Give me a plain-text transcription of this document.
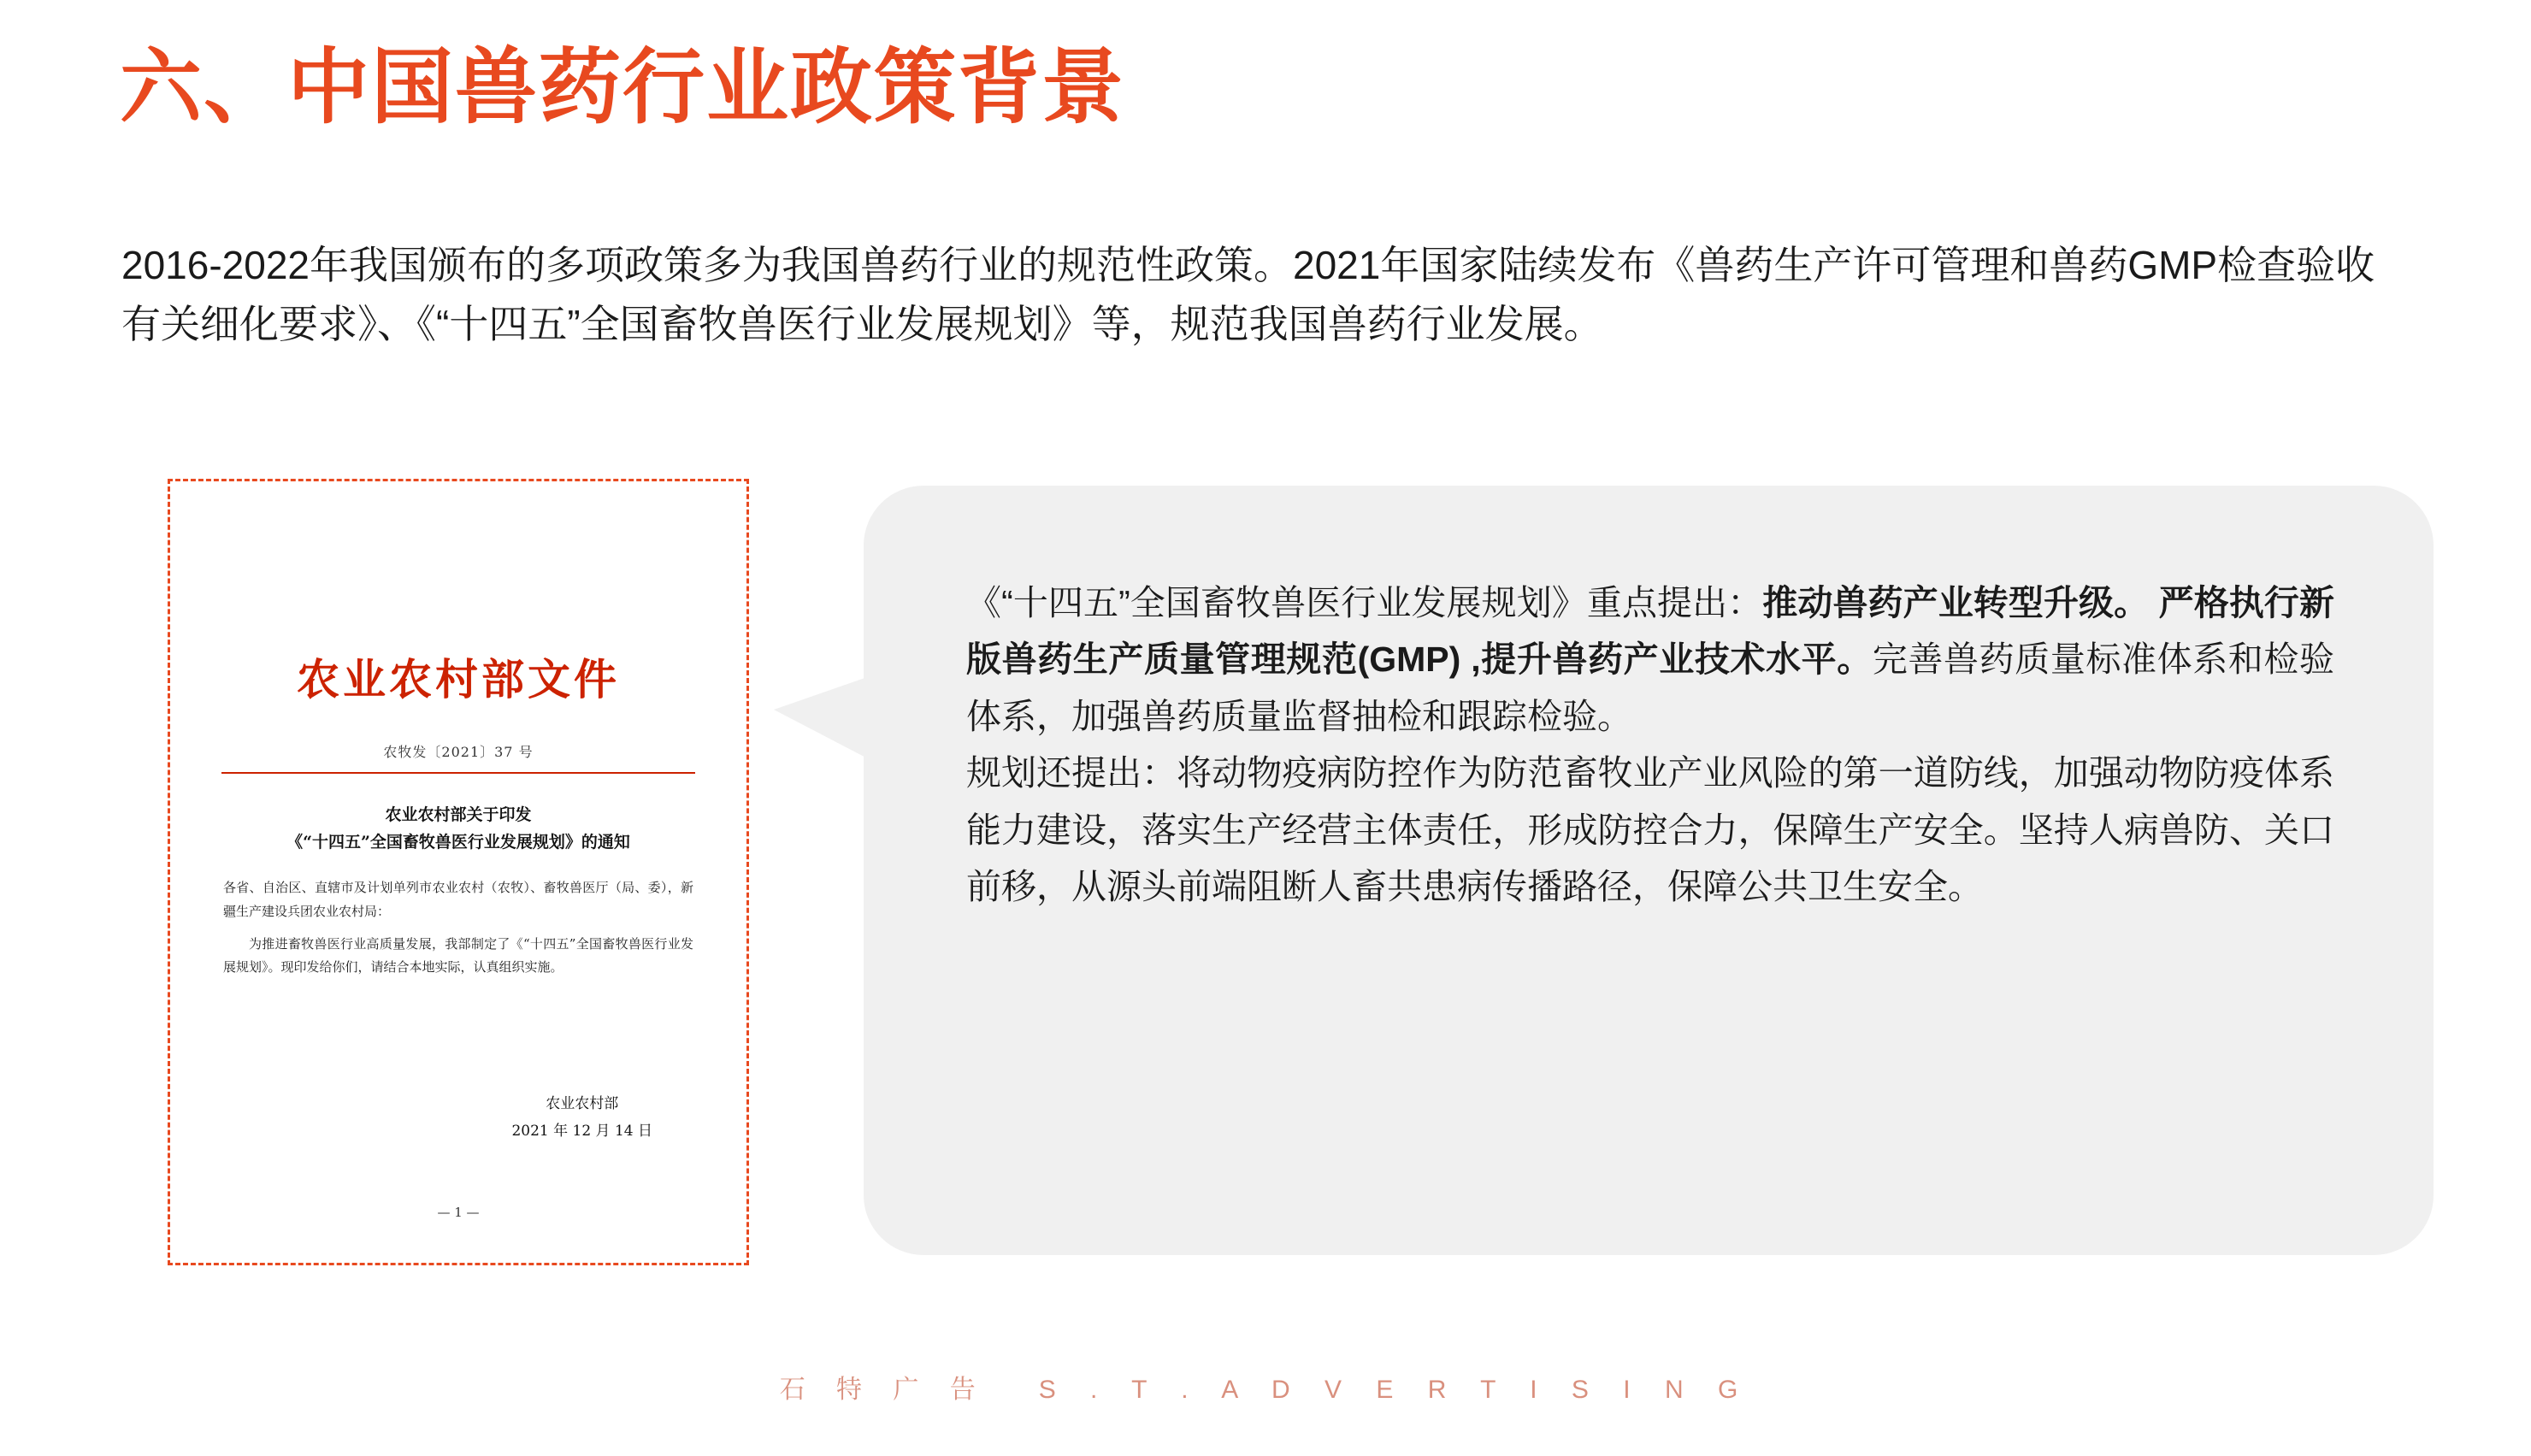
六、中国兽药行业政策背景
2016-2022年我国颁布的多项政策多为我国兽药行业的规范性政策。2021年国家陆续发布《兽药生产许可管理和兽药GMP检查验收有关细化要求》、《“十四五”全国畜牧兽医行业发展规划》等，规范我国兽药行业发展。
农业农村部文件
农牧发〔2021〕37 号
农业农村部关于印发
《“十四五”全国畜牧兽医行业发展规划》的通知

各省、自治区、直辖市及计划单列市农业农村（农牧）、畜牧兽医厅（局、委），新疆生产建设兵团农业农村局：

为推进畜牧兽医行业高质量发展，我部制定了《“十四五”全国畜牧兽医行业发展规划》。现印发给你们，请结合本地实际，认真组织实施。

农业农村部
2021 年 12 月 14 日
— 1 —

《“十四五”全国畜牧兽医行业发展规划》重点提出：推动兽药产业转型升级。 严格执行新版兽药生产质量管理规范(GMP) ,提升兽药产业技术水平。完善兽药质量标准体系和检验体系，加强兽药质量监督抽检和跟踪检验。

规划还提出：将动物疫病防控作为防范畜牧业产业风险的第一道防线，加强动物防疫体系能力建设，落实生产经营主体责任，形成防控合力，保障生产安全。坚持人病兽防、关口前移，从源头前端阻断人畜共患病传播路径，保障公共卫生安全。

石 特 广 告 S . T . A D V E R T I S I N G
